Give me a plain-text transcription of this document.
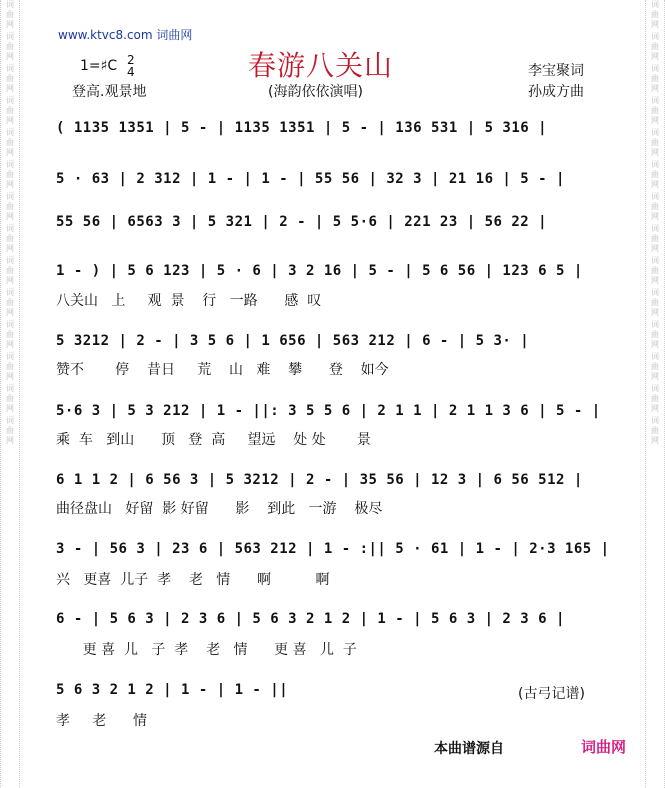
词
曲
网
词
曲
网
词
曲
网
词
曲
网
词
曲
网
词
曲
网
词
曲
网
词
曲
网
词
曲
网
词
曲
网
词
曲
网
词
曲
网
词
曲
网
词
曲
网
词
曲
网
词
曲
网
词
曲
网
词
曲
网
词
曲
网
词
曲
网
词
曲
网
词
曲
网
词
曲
网
词
曲
网
词
曲
网
词
曲
网
词
曲
网
词
曲
网
www.ktvc8.com 词曲网
春游八关山
(海韵依依演唱)
1=♯C 2
4
登高.观景地
李宝聚词
孙成方曲
( 1135 1351 | 5 - | 1135 1351 | 5 - | 136 531 | 5 316 |
5 · 63 | 2 312 | 1 - | 1 - | 55 56 | 32 3 | 21 16 | 5 - |
55 56 | 6563 3 | 5 321 | 2 - | 5 5·6 | 221 23 | 56 22 |
1 - ) | 5 6 123 | 5 · 6 | 3 2 16 | 5 - | 5 6 56 | 123 6 5 |
八关山   上     观  景    行   一路      感  叹
5 3212 | 2 - | 3 5 6 | 1 656 | 563 212 | 6 - | 5 3· |
赞不       停    昔日     荒    山   难    攀      登    如今
5·6 3 | 5 3 212 | 1 - ||: 3 5 5 6 | 2 1 1 | 2 1 1 3 6 | 5 - |
乘  车   到山      顶   登  高     望远    处 处       景
6 1 1 2 | 6 56 3 | 5 3212 | 2 - | 35 56 | 12 3 | 6 56 512 |
曲径盘山   好留  影 好留      影    到此   一游    极尽
3 - | 56 3 | 23 6 | 563 212 | 1 - :|| 5 · 61 | 1 - | 2·3 165 |
兴   更喜  儿子  孝    老   情      啊          啊
6 - | 5 6 3 | 2 3 6 | 5 6 3 2 1 2 | 1 - | 5 6 3 | 2 3 6 |
更 喜  儿   子  孝    老   情      更 喜   儿  子
5 6 3 2 1 2 | 1 - | 1 - ||
孝     老      情
(古弓记谱)
本曲谱源自	词曲网
